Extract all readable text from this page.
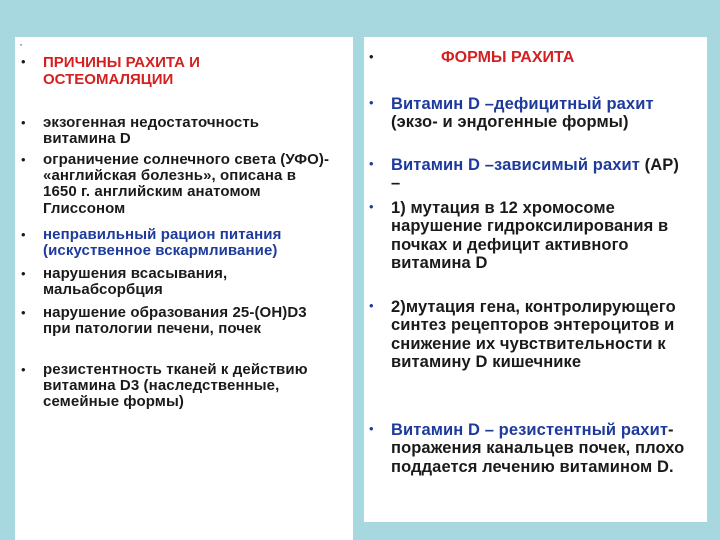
·
•	ПРИЧИНЫ РАХИТА И ОСТЕОМАЛЯЦИИ
•	экзогенная недостаточность витамина D
•	ограничение солнечного света (УФО)- «английская болезнь», описана в 1650 г. английским анатомом Глиссоном
•	неправильный рацион питания (искуственное вскармливание)
•	нарушения всасывания, мальабсорбция
•	нарушение образования 25-(OH)D3 при патологии печени, почек
•	резистентность тканей к действию витамина D3 (наследственные, семейные формы)
•	ФОРМЫ РАХИТА
•	Витамин D –дефицитный рахит (экзо- и эндогенные формы)
•	Витамин D –зависимый рахит (АР) –
•	1) мутация в 12 хромосоме нарушение гидроксилирования в почках и дефицит активного витамина D
•	2)мутация гена, контролирующего синтез рецепторов энтероцитов и снижение их чувствительности к витамину D кишечнике
•	Витамин D – резистентный рахит- поражения канальцев почек, плохо поддается лечению витамином D.
